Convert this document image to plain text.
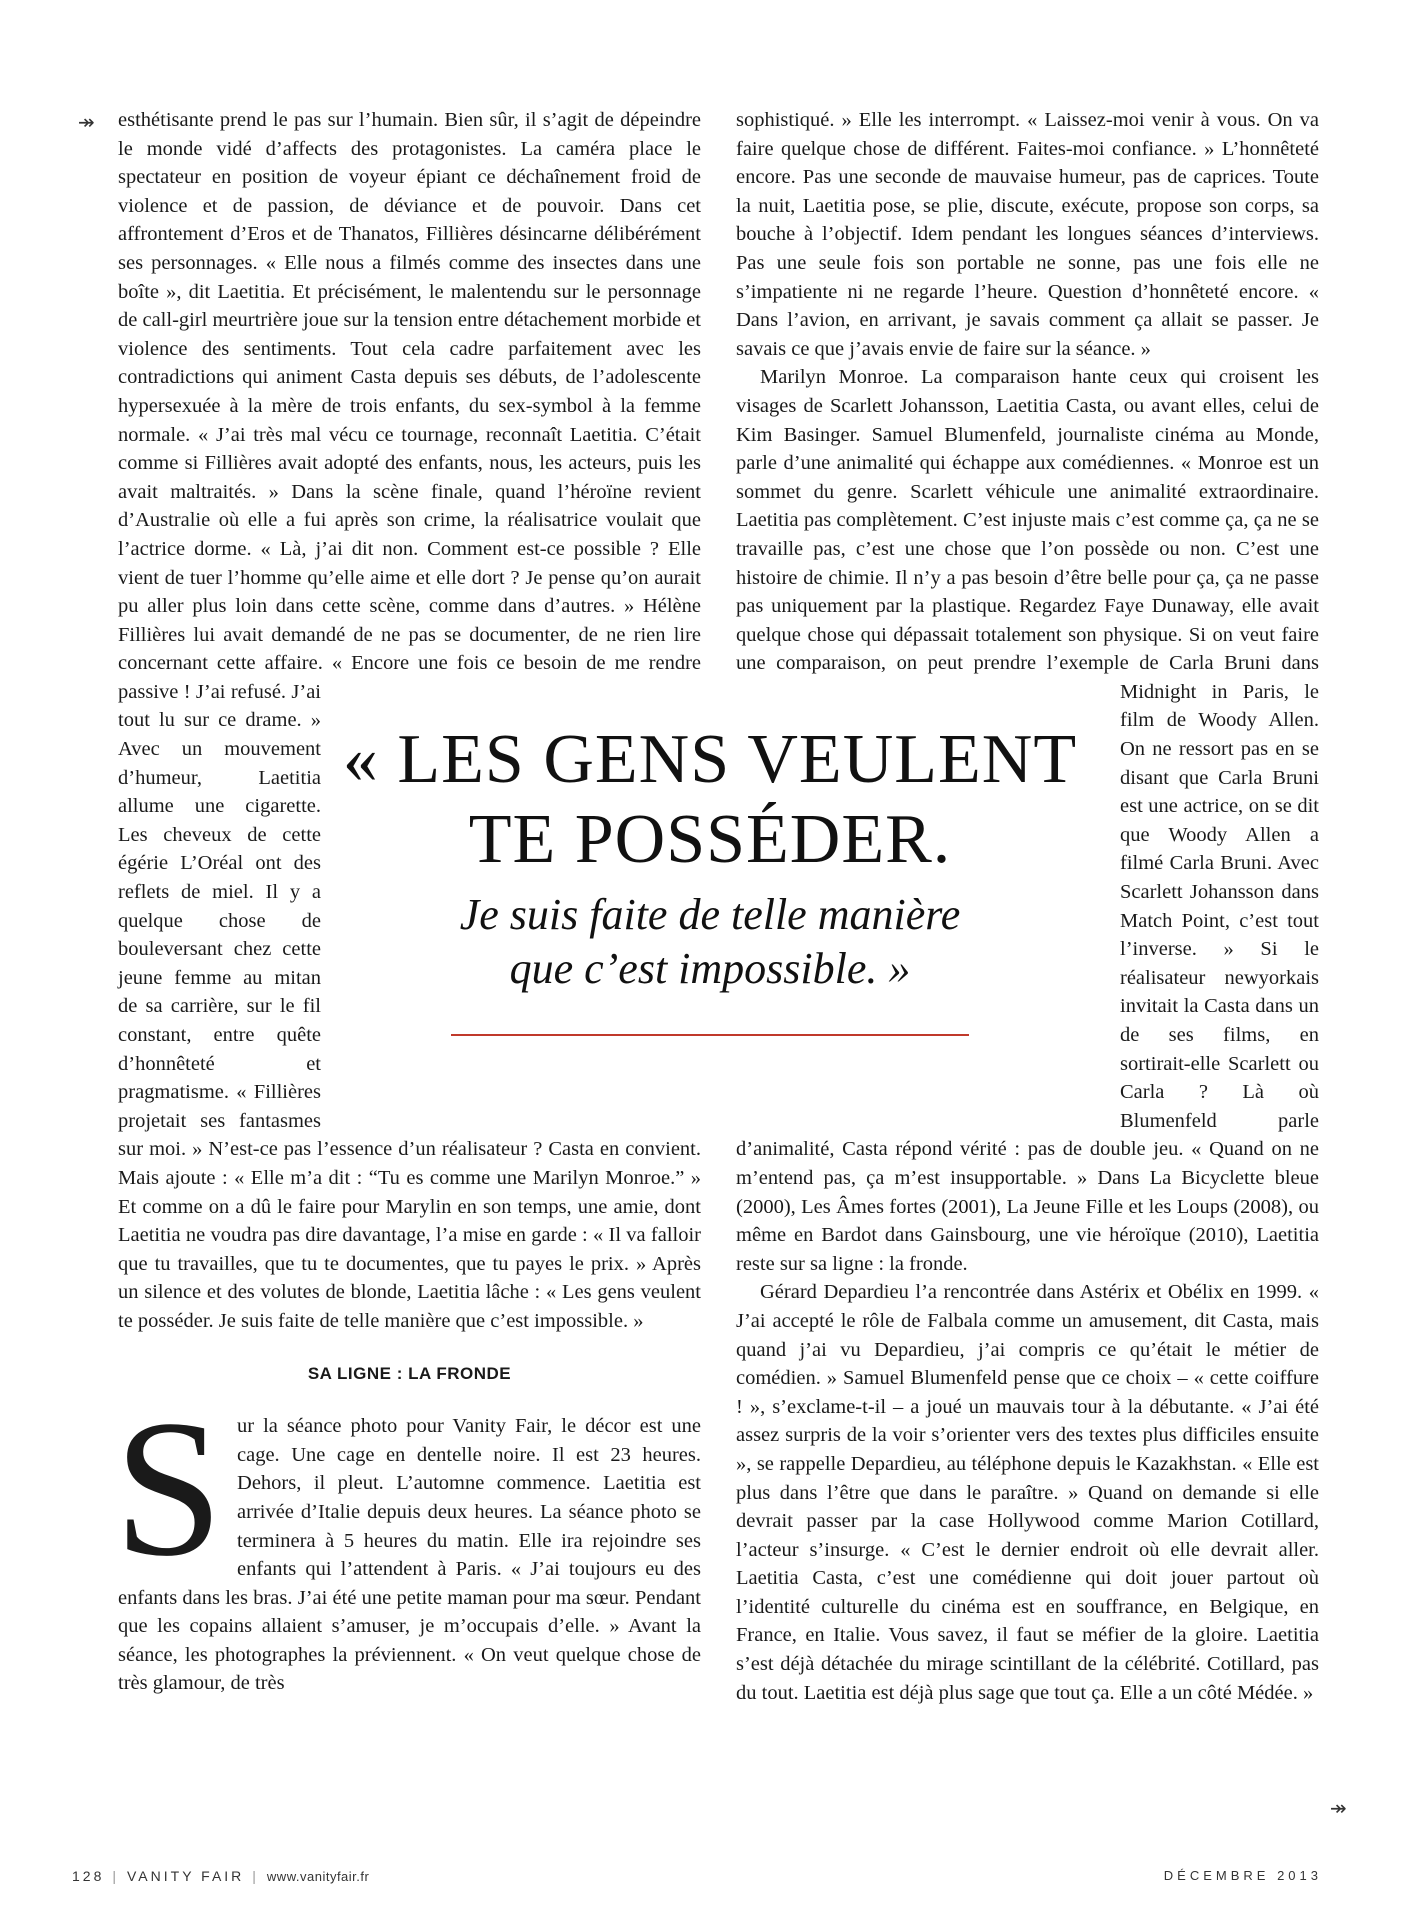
↠ esthétisante prend le pas sur l’humain. Bien sûr, il s’agit de dépeindre le monde vidé d’affects des protagonistes. La caméra place le spectateur en position de voyeur épiant ce déchaînement froid de violence et de passion, de déviance et de pouvoir. Dans cet affrontement d’Eros et de Thanatos, Fillières désincarne délibérément ses personnages. « Elle nous a filmés comme des insectes dans une boîte », dit Laetitia. Et précisément, le malentendu sur le personnage de call-girl meurtrière joue sur la tension entre détachement morbide et violence des sentiments. Tout cela cadre parfaitement avec les contradictions qui animent Casta depuis ses débuts, de l’adolescente hypersexuée à la mère de trois enfants, du sex-symbol à la femme normale. « J’ai très mal vécu ce tournage, reconnaît Laetitia. C’était comme si Fillières avait adopté des enfants, nous, les acteurs, puis les avait maltraités. » Dans la scène finale, quand l’héroïne revient d’Australie où elle a fui après son crime, la réalisatrice voulait que l’actrice dorme. « Là, j’ai dit non. Comment est-ce possible ? Elle vient de tuer l’homme qu’elle aime et elle dort ? Je pense qu’on aurait pu aller plus loin dans cette scène, comme dans d’autres. » Hélène Fillières lui avait demandé de ne pas se documenter, de ne rien lire concernant cette affaire. « Encore une fois ce besoin de me rendre passive ! J’ai refusé. J’ai tout lu sur ce drame. » Avec un mouvement d’humeur, Laetitia allume une cigarette. Les cheveux de cette égérie L’Oréal ont des reflets de miel. Il y a quelque chose de bouleversant chez cette jeune femme au mitan de sa carrière, sur le fil constant, entre quête d’honnêteté et pragmatisme. « Fillières projetait ses fantasmes sur moi. » N’est-ce pas l’essence d’un réalisateur ? Casta en convient. Mais ajoute : « Elle m’a dit : “Tu es comme une Marilyn Monroe.” » Et comme on a dû le faire pour Marylin en son temps, une amie, dont Laetitia ne voudra pas dire davantage, l’a mise en garde : « Il va falloir que tu travailles, que tu te documentes, que tu payes le prix. » Après un silence et des volutes de blonde, Laetitia lâche : « Les gens veulent te posséder. Je suis faite de telle manière que c’est impossible. »

SA LIGNE : LA FRONDE

Sur la séance photo pour Vanity Fair, le décor est une cage. Une cage en dentelle noire. Il est 23 heures. Dehors, il pleut. L’automne commence. Laetitia est arrivée d’Italie depuis deux heures. La séance photo se terminera à 5 heures du matin. Elle ira rejoindre ses enfants qui l’attendent à Paris. « J’ai toujours eu des enfants dans les bras. J’ai été une petite maman pour ma sœur. Pendant que les copains allaient s’amuser, je m’occupais d’elle. » Avant la séance, les photographes la préviennent. « On veut quelque chose de très glamour, de très

sophistiqué. » Elle les interrompt. « Laissez-moi venir à vous. On va faire quelque chose de différent. Faites-moi confiance. » L’honnêteté encore. Pas une seconde de mauvaise humeur, pas de caprices. Toute la nuit, Laetitia pose, se plie, discute, exécute, propose son corps, sa bouche à l’objectif. Idem pendant les longues séances d’interviews. Pas une seule fois son portable ne sonne, pas une fois elle ne s’impatiente ni ne regarde l’heure. Question d’honnêteté encore. « Dans l’avion, en arrivant, je savais comment ça allait se passer. Je savais ce que j’avais envie de faire sur la séance. »

Marilyn Monroe. La comparaison hante ceux qui croisent les visages de Scarlett Johansson, Laetitia Casta, ou avant elles, celui de Kim Basinger. Samuel Blumenfeld, journaliste cinéma au Monde, parle d’une animalité qui échappe aux comédiennes. « Monroe est un sommet du genre. Scarlett véhicule une animalité extraordinaire. Laetitia pas complètement. C’est injuste mais c’est comme ça, ça ne se travaille pas, c’est une chose que l’on possède ou non. C’est une histoire de chimie. Il n’y a pas besoin d’être belle pour ça, ça ne passe pas uniquement par la plastique. Regardez Faye Dunaway, elle avait quelque chose qui dépassait totalement son physique. Si on veut faire une comparaison, on peut prendre l’exemple de Carla Bruni dans Midnight in Paris, le film de Woody Allen. On ne ressort pas en se disant que Carla Bruni est une actrice, on se dit que Woody Allen a filmé Carla Bruni. Avec Scarlett Johansson dans Match Point, c’est tout l’inverse. » Si le réalisateur newyorkais invitait la Casta dans un de ses films, en sortirait-elle Scarlett ou Carla ? Là où Blumenfeld parle d’animalité, Casta répond vérité : pas de double jeu. « Quand on ne m’entend pas, ça m’est insupportable. » Dans La Bicyclette bleue (2000), Les Âmes fortes (2001), La Jeune Fille et les Loups (2008), ou même en Bardot dans Gainsbourg, une vie héroïque (2010), Laetitia reste sur sa ligne : la fronde.

Gérard Depardieu l’a rencontrée dans Astérix et Obélix en 1999. « J’ai accepté le rôle de Falbala comme un amusement, dit Casta, mais quand j’ai vu Depardieu, j’ai compris ce qu’était le métier de comédien. » Samuel Blumenfeld pense que ce choix – « cette coiffure ! », s’exclame-t-il – a joué un mauvais tour à la débutante. « J’ai été assez surpris de la voir s’orienter vers des textes plus difficiles ensuite », se rappelle Depardieu, au téléphone depuis le Kazakhstan. « Elle est plus dans l’être que dans le paraître. » Quand on demande si elle devrait passer par la case Hollywood comme Marion Cotillard, l’acteur s’insurge. « C’est le dernier endroit où elle devrait aller. Laetitia Casta, c’est une comédienne qui doit jouer partout où l’identité culturelle du cinéma est en souffrance, en Belgique, en France, en Italie. Vous savez, il faut se méfier de la gloire. Laetitia s’est déjà détachée du mirage scintillant de la célébrité. Cotillard, pas du tout. Laetitia est déjà plus sage que tout ça. Elle a un côté Médée. »

↠
« LES GENS VEULENT
TE POSSÉDER.
Je suis faite de telle manière
que c’est impossible. »
128 | VANITY FAIR | www.vanityfair.fr	DÉCEMBRE 2013
